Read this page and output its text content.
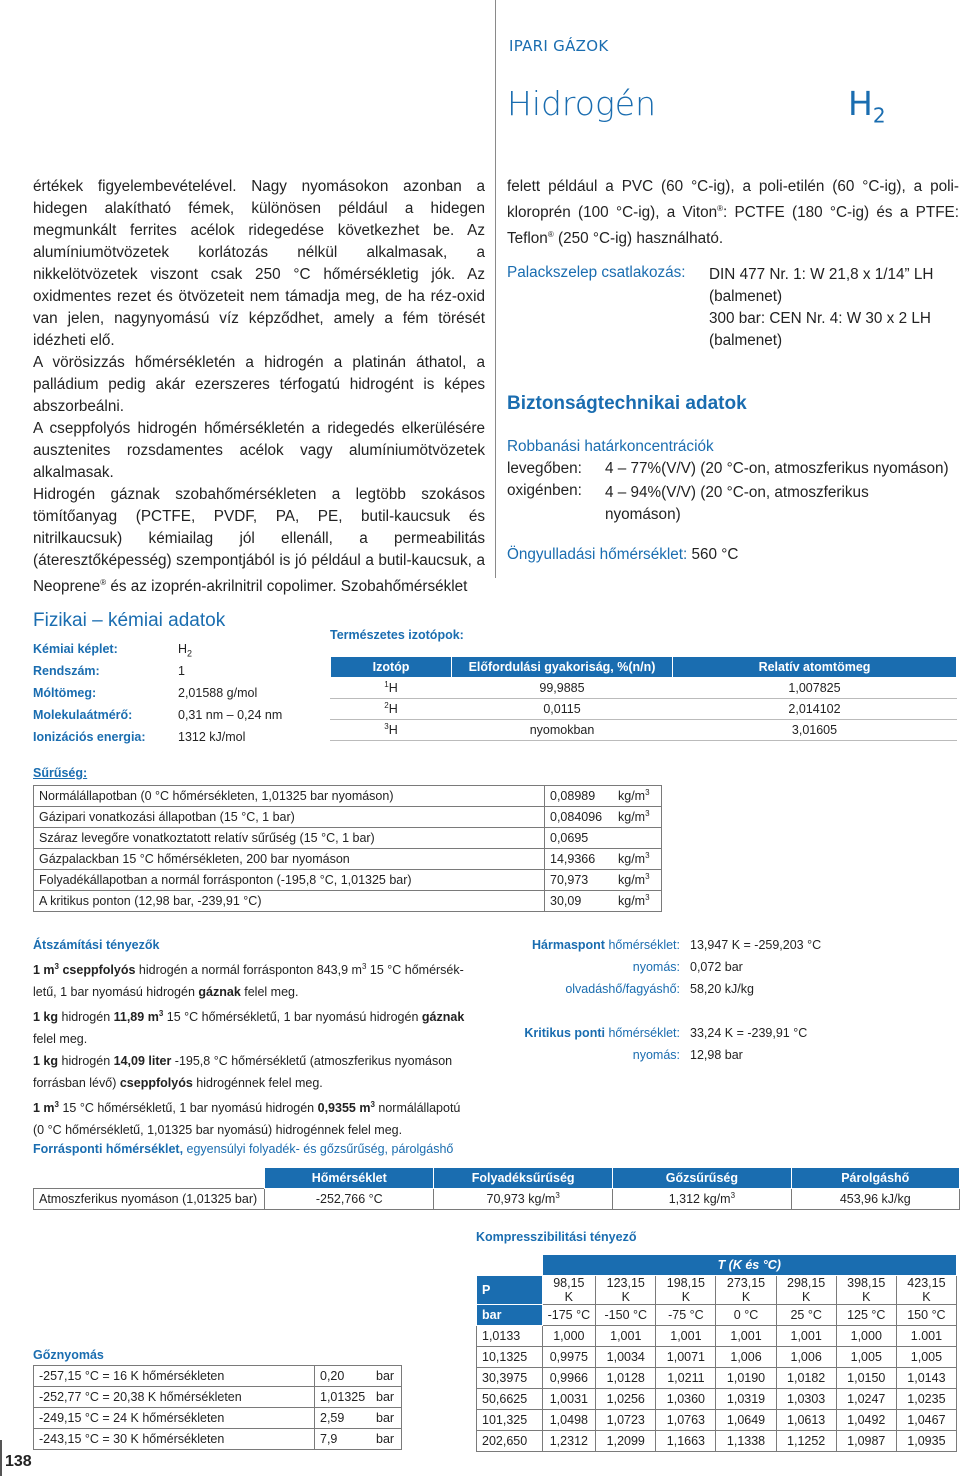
IPARI GÁZOK
Hidrogén	$H_2$

értékek figyelembevételével. Nagy nyomásokon azonban a hidegen alakítható fémek, különösen például a hidegen megmunkált ferrites acélok ridegedése következhet be. Az alumíniumötvözetek korlátozás nélkül alkalmasak, a nikkelötvözetek viszont csak 250 °C hőmérsékletig jók. Az oxidmentes rezet és ötvözeteit nem támadja meg, de ha réz-oxid van jelen, nagynyomású víz képződhet, amely a fém törését idézheti elő.

A vörösizzás hőmérsékletén a hidrogén a platinán áthatol, a palládium pedig akár ezerszeres térfogatú hidrogént is képes abszorbeálni.

A cseppfolyós hidrogén hőmérsékletén a ridegedés elkerülésére ausztenites rozsdamentes acélok vagy alumíniumötvözetek alkalmasak.

Hidrogén gáznak szobahőmérsékleten a legtöbb szokásos tömítőanyag (PCTFE, PVDF, PA, PE, butil-kaucsuk és nitrilkaucsuk) kémiailag jól ellenáll, a permeabilitás (áteresztőképesség) szempontjából is jó például a butil-kaucsuk, a Neoprene® és az izoprén-akrilnitril copolimer. Szobahőmérséklet

felett például a PVC (60 °C-ig), a poli-etilén (60 °C-ig), a poli-kloroprén (100 °C-ig), a Viton®: PCTFE (180 °C-ig) és a PTFE: Teflon® (250 °C-ig) használható.

Palackszelep csatlakozás: DIN 477 Nr. 1: W 21,8 x 1/14” LH
(balmenet)
300 bar: CEN Nr. 4: W 30 x 2 LH
(balmenet)
Biztonságtechnikai adatok
Robbanási határkoncentrációk
levegőben: 4 – 77%(V/V) (20 °C-on, atmoszferikus nyomáson)
oxigénben: 4 – 94%(V/V) (20 °C-on, atmoszferikus
nyomáson)
Öngyulladási hőmérséklet: 560 °C
Fizikai – kémiai adatok
Kémiai képlet:	$H_2$
Rendszám:	1
Móltömeg:	2,01588 g/mol
Molekulaátmérő:	0,31 nm – 0,24 nm
Ionizációs energia:	1312 kJ/mol
Természetes izotópok:
Izotóp	Előfordulási gyakoriság, %(n/n)	Relatív atomtömeg
$^1$H	99,9885	1,007825
$^2$H	0,0115	2,014102
$^3$H	nyomokban	3,01605
Sűrűség:
Normálállapotban (0 °C hőmérsékleten, 1,01325 bar nyomáson)	0,08989	$kg/m^3$
Gázipari vonatkozási állapotban (15 °C, 1 bar)	0,084096	$kg/m^3$
Száraz levegőre vonatkoztatott relatív sűrűség (15 °C, 1 bar)	0,0695	
Gázpalackban 15 °C hőmérsékleten, 200 bar nyomáson	14,9366	$kg/m^3$
Folyadékállapotban a normál forrásponton (-195,8 °C, 1,01325 bar)	70,973	$kg/m^3$
A kritikus ponton (12,98 bar, -239,91 °C)	30,09	$kg/m^3$
Átszámítási tényezők
1 $m^3$ cseppfolyós hidrogén a normál forrásponton 843,9 $m^3$ 15 °C hőmérsék-
letű, 1 bar nyomású hidrogén gáznak felel meg.
1 kg hidrogén 11,89 $m^3$ 15 °C hőmérsékletű, 1 bar nyomású hidrogén gáznak
felel meg.
1 kg hidrogén 14,09 liter -195,8 °C hőmérsékletű (atmoszferikus nyomáson
forrásban lévő) cseppfolyós hidrogénnek felel meg.
1 $m^3$ 15 °C hőmérsékletű, 1 bar nyomású hidrogén 0,9355 $m^3$ normálállapotú
(0 °C hőmérsékletű, 1,01325 bar nyomású) hidrogénnek felel meg.
Hármaspont hőmérséklet: 13,947 K = -259,203 °C
nyomás: 0,072 bar
olvadáshő/fagyáshő: 58,20 kJ/kg
Kritikus ponti hőmérséklet: 33,24 K = -239,91 °C
nyomás: 12,98 bar
Forrásponti hőmérséklet, egyensúlyi folyadék- és gőzsűrűség, párolgáshő
	Hőmérséklet	Folyadéksűrűség	Gőzsűrűség	Párolgáshő
Atmoszferikus nyomáson (1,01325 bar)	-252,766 °C	70,973 $kg/m^3$	1,312 $kg/m^3$	453,96 kJ/kg
Kompresszibilitási tényező
	T (K és °C)						
P	98,15 K	123,15 K	198,15 K	273,15 K	298,15 K	398,15 K	423,15 K
bar	-175 °C	-150 °C	-75 °C	0 °C	25 °C	125 °C	150 °C
1,0133	1,000	1,001	1,001	1,001	1,001	1,000	1.001
10,1325	0,9975	1,0034	1,0071	1,006	1,006	1,005	1,005
30,3975	0,9966	1,0128	1,0211	1,0190	1,0182	1,0150	1,0143
50,6625	1,0031	1,0256	1,0360	1,0319	1,0303	1,0247	1,0235
101,325	1,0498	1,0723	1,0763	1,0649	1,0613	1,0492	1,0467
202,650	1,2312	1,2099	1,1663	1,1338	1,1252	1,0987	1,0935
Gőznyomás
-257,15 °C = 16 K hőmérsékleten	0,20	bar
-252,77 °C = 20,38 K hőmérsékleten	1,01325	bar
-249,15 °C = 24 K hőmérsékleten	2,59	bar
-243,15 °C = 30 K hőmérsékleten	7,9	bar
138
